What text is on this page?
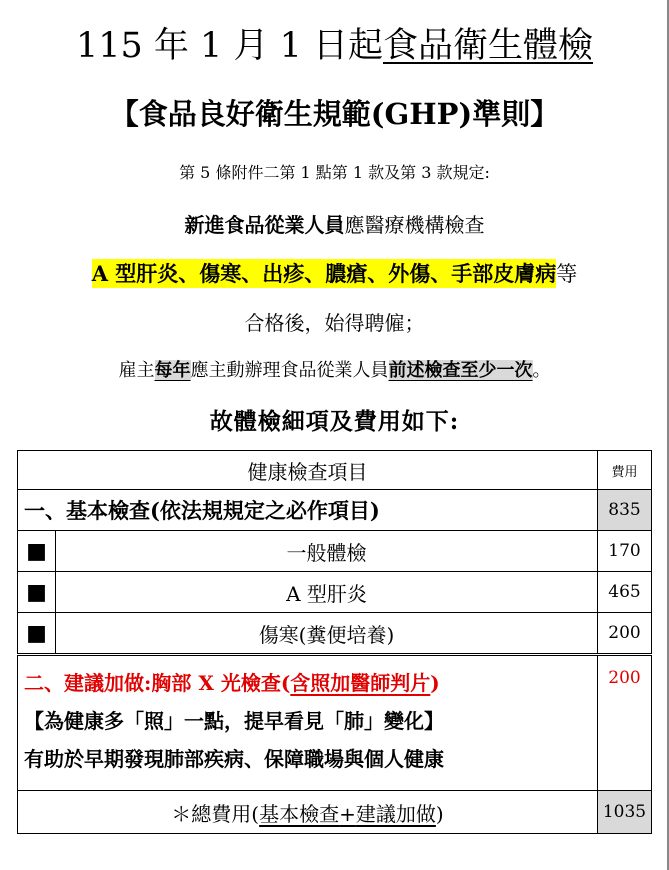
115 年 1 月 1 日起食品衛生體檢
【食品良好衛生規範(GHP)準則】
第 5 條附件二第 1 點第 1 款及第 3 款規定:
新進食品從業人員應醫療機構檢查
A 型肝炎、傷寒、出疹、膿瘡、外傷、手部皮膚病等
合格後，始得聘僱；
雇主每年應主動辦理食品從業人員前述檢查至少一次。
故體檢細項及費用如下:
健康檢查項目		費用
一、基本檢查(依法規規定之必作項目)		835
■	一般體檢	170
■	A 型肝炎	465
■	傷寒(糞便培養)	200

二、建議加做:胸部 X 光檢查(含照加醫師判片)
【為健康多「照」一點，提早看見「肺」變化】
有助於早期發現肺部疾病、保障職場與個人健康		200
＊總費用(基本檢查+建議加做)		1035
